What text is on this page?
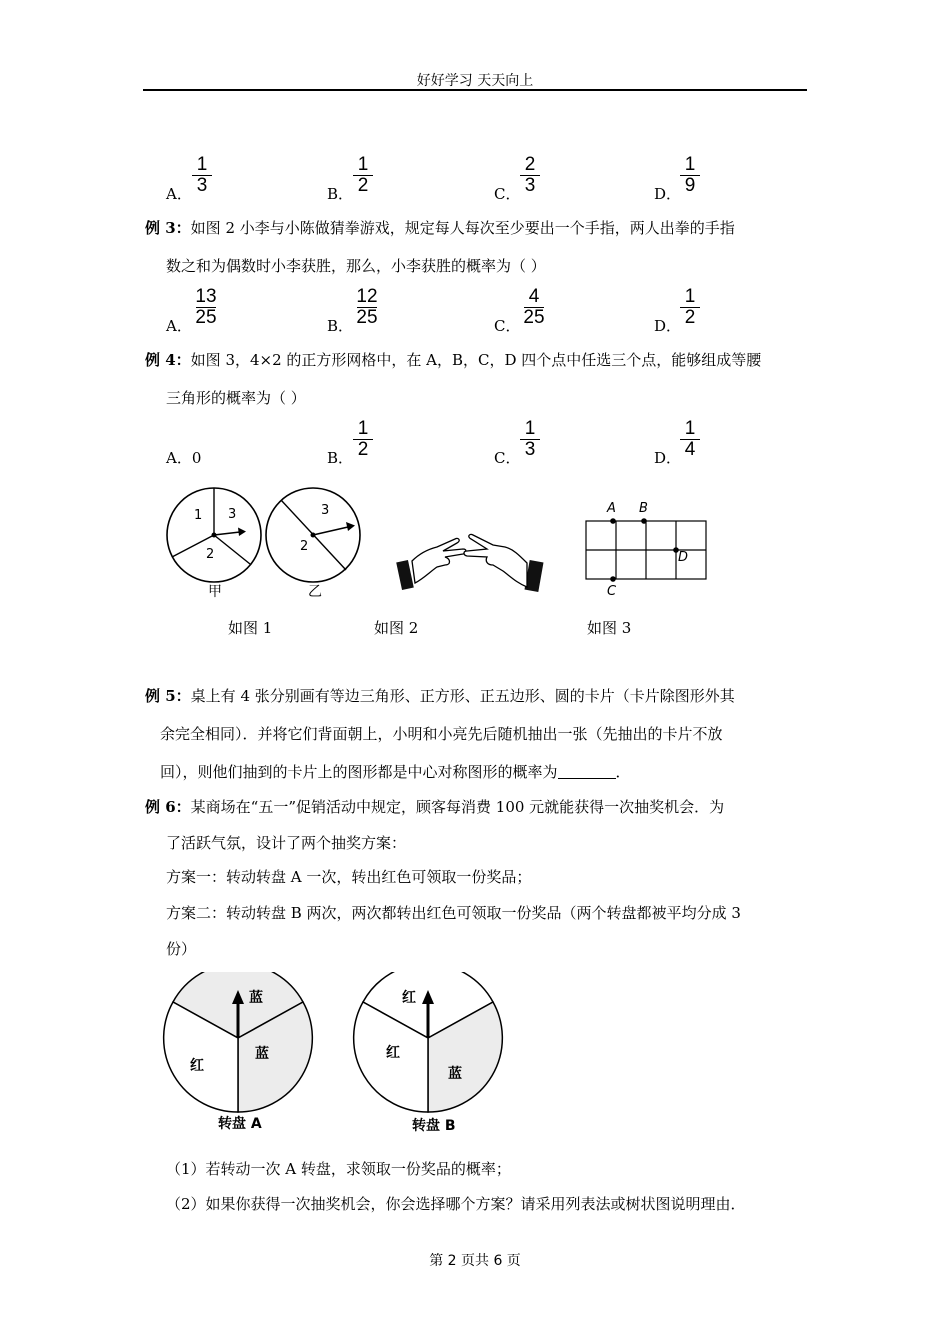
好好学习 天天向上
A．
1
3	B．
1
2	C．
2
3	D．
1
9
例 3：如图 2 小李与小陈做猜拳游戏，规定每人每次至少要出一个手指，两人出拳的手指
数之和为偶数时小李获胜，那么，小李获胜的概率为（ ）
A．
13
25	B．
12
25	C．
4
25	D．
1
2
例 4：如图 3，4×2 的正方形网格中，在 A，B，C，D 四个点中任选三个点，能够组成等腰
三角形的概率为（ ）
A．0	B．
1
2	C．
1
3	D．
1
4
1 3
2
甲
3
2
乙
A B
C
D
如图 1	如图 2	如图 3
例 5：桌上有 4 张分别画有等边三角形、正方形、正五边形、圆的卡片（卡片除图形外其
余完全相同）．并将它们背面朝上，小明和小亮先后随机抽出一张（先抽出的卡片不放
回），则他们抽到的卡片上的图形都是中心对称图形的概率为	．
例 6：某商场在“五一”促销活动中规定，顾客每消费 100 元就能获得一次抽奖机会．为
了活跃气氛，设计了两个抽奖方案：
方案一：转动转盘 A 一次，转出红色可领取一份奖品；
方案二：转动转盘 B 两次，两次都转出红色可领取一份奖品（两个转盘都被平均分成 3
份）
蓝
蓝
红
转盘 A
红
红
蓝
转盘 B
（1）若转动一次 A 转盘，求领取一份奖品的概率；
（2）如果你获得一次抽奖机会，你会选择哪个方案？请采用列表法或树状图说明理由．
第 2 页共 6 页
